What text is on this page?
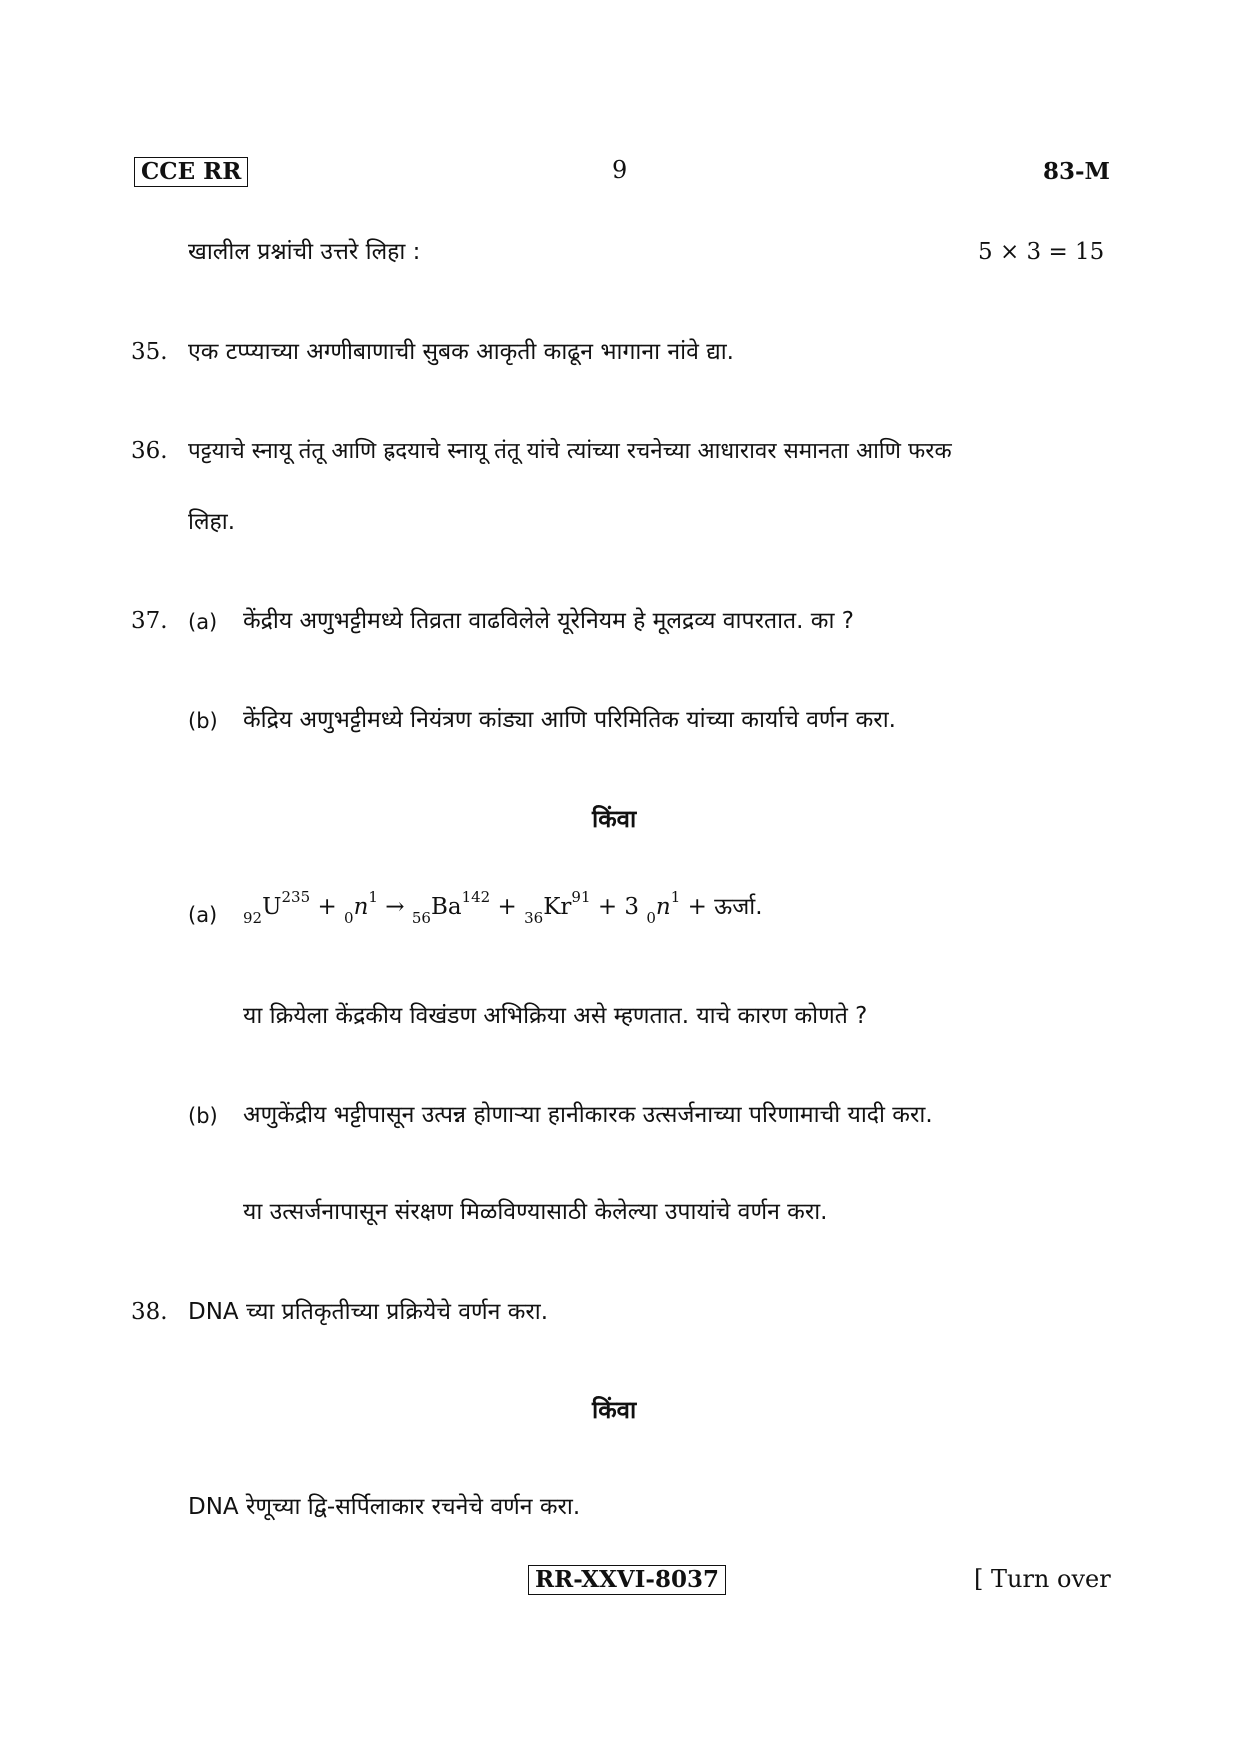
CCE RR	9	83-M
खालील प्रश्नांची उत्तरे लिहा :	5 × 3 = 15
35. एक टप्प्याच्या अग्णीबाणाची सुबक आकृती काढून भागाना नांवे द्या.
36. पट्टयाचे स्नायू तंतू आणि ह्रदयाचे स्नायू तंतू यांचे त्यांच्या रचनेच्या आधारावर समानता आणि फरक
लिहा.
37. (a) केंद्रीय अणुभट्टीमध्ये तिव्रता वाढविलेले यूरेनियम हे मूलद्रव्य वापरतात. का ?
(b) केंद्रिय अणुभट्टीमध्ये नियंत्रण कांड्या आणि परिमितिक यांच्या कार्याचे वर्णन करा.
किंवा
(a) $_{92}U^{235} + _0n^1 \to _{56}Ba^{142} + _{36}Kr^{91} + 3$ $_0n^1$ + ऊर्जा.
या क्रियेला केंद्रकीय विखंडण अभिक्रिया असे म्हणतात. याचे कारण कोणते ?
(b) अणुकेंद्रीय भट्टीपासून उत्पन्न होणाऱ्या हानीकारक उत्सर्जनाच्या परिणामाची यादी करा.
या उत्सर्जनापासून संरक्षण मिळविण्यासाठी केलेल्या उपायांचे वर्णन करा.
38. DNA च्या प्रतिकृतीच्या प्रक्रियेचे वर्णन करा.
किंवा
DNA रेणूच्या द्वि-सर्पिलाकार रचनेचे वर्णन करा.
RR-XXVI-8037	[ Turn over
